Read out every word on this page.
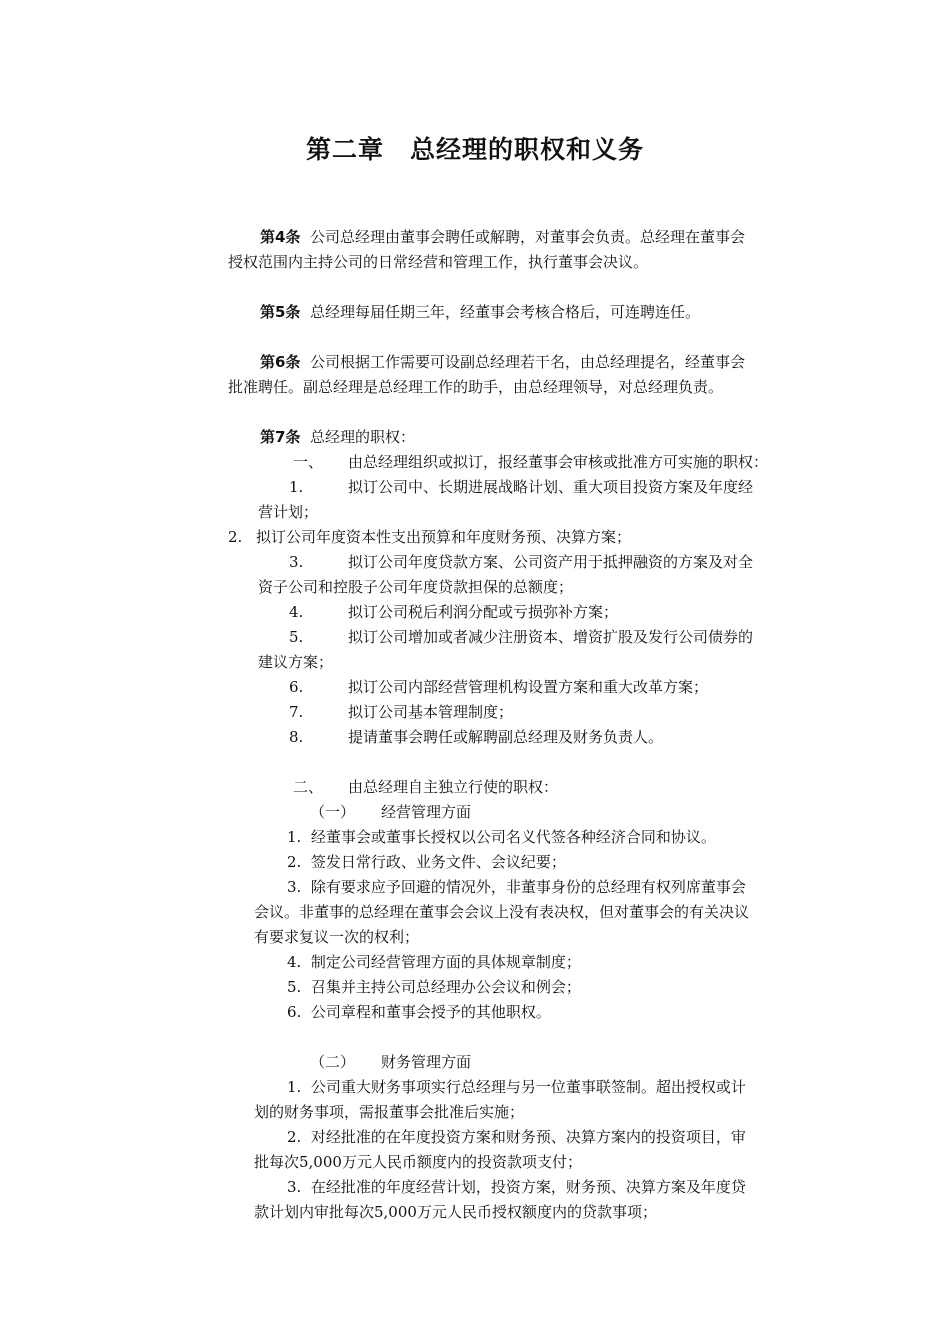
第二章　总经理的职权和义务
第4条 公司总经理由董事会聘任或解聘，对董事会负责。总经理在董事会
授权范围内主持公司的日常经营和管理工作，执行董事会决议。
第5条 总经理每届任期三年，经董事会考核合格后，可连聘连任。
第6条 公司根据工作需要可设副总经理若干名，由总经理提名，经董事会
批准聘任。副总经理是总经理工作的助手，由总经理领导，对总经理负责。
第7条 总经理的职权：
一、 由总经理组织或拟订，报经董事会审核或批准方可实施的职权：
1.	拟订公司中、长期进展战略计划、重大项目投资方案及年度经
营计划；
2. 拟订公司年度资本性支出预算和年度财务预、决算方案；
3.	拟订公司年度贷款方案、公司资产用于抵押融资的方案及对全
资子公司和控股子公司年度贷款担保的总额度；
4.	拟订公司税后利润分配或亏损弥补方案；
5.	拟订公司增加或者减少注册资本、增资扩股及发行公司债券的
建议方案；
6.	拟订公司内部经营管理机构设置方案和重大改革方案；
7.	拟订公司基本管理制度；
8.	提请董事会聘任或解聘副总经理及财务负责人。
二、 由总经理自主独立行使的职权：
（一） 经营管理方面
1. 经董事会或董事长授权以公司名义代签各种经济合同和协议。
2. 签发日常行政、业务文件、会议纪要；
3. 除有要求应予回避的情况外，非董事身份的总经理有权列席董事会
会议。非董事的总经理在董事会会议上没有表决权，但对董事会的有关决议
有要求复议一次的权利；
4. 制定公司经营管理方面的具体规章制度；
5. 召集并主持公司总经理办公会议和例会；
6. 公司章程和董事会授予的其他职权。
（二） 财务管理方面
1. 公司重大财务事项实行总经理与另一位董事联签制。超出授权或计
划的财务事项，需报董事会批准后实施；
2. 对经批准的在年度投资方案和财务预、决算方案内的投资项目，审
批每次5,000万元人民币额度内的投资款项支付；
3. 在经批准的年度经营计划，投资方案，财务预、决算方案及年度贷
款计划内审批每次5,000万元人民币授权额度内的贷款事项；
